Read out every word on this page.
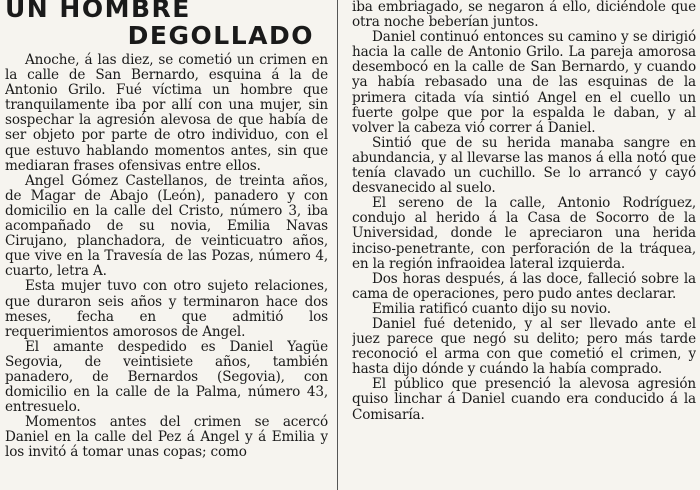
UN HOMBRE
DEGOLLADO

Anoche, á las diez, se cometió un crimen en la calle de San Bernardo, esquina á la de Antonio Grilo. Fué víctima un hombre que tranquilamente iba por allí con una mujer, sin sospechar la agresión alevosa de que había de ser objeto por parte de otro individuo, con el que estuvo hablando momentos antes, sin que mediaran frases ofensivas entre ellos.

Angel Gómez Castellanos, de treinta años, de Magar de Abajo (León), panadero y con domicilio en la calle del Cristo, número 3, iba acompañado de su novia, Emilia Navas Cirujano, planchadora, de veinticuatro años, que vive en la Travesía de las Pozas, número 4, cuarto, letra A.

Esta mujer tuvo con otro sujeto relaciones, que duraron seis años y terminaron hace dos meses, fecha en que admitió los requerimientos amorosos de Angel.

El amante despedido es Daniel Yagüe Segovia, de veintisiete años, también panadero, de Bernardos (Segovia), con domicilio en la calle de la Palma, número 43, entresuelo.

Momentos antes del crimen se acercó Daniel en la calle del Pez á Angel y á Emilia y los invitó á tomar unas copas; como

iba embriagado, se negaron á ello, diciéndole que otra noche beberían juntos.

Daniel continuó entonces su camino y se dirigió hacia la calle de Antonio Grilo. La pareja amorosa desembocó en la calle de San Bernardo, y cuando ya había rebasado una de las esquinas de la primera citada vía sintió Angel en el cuello un fuerte golpe que por la espalda le daban, y al volver la cabeza vió correr á Daniel.

Sintió que de su herida manaba sangre en abundancia, y al llevarse las manos á ella notó que tenía clavado un cuchillo. Se lo arrancó y cayó desvanecido al suelo.

El sereno de la calle, Antonio Rodríguez, condujo al herido á la Casa de Socorro de la Universidad, donde le apreciaron una herida inciso-penetrante, con perforación de la tráquea, en la región infraoidea lateral izquierda.

Dos horas después, á las doce, falleció sobre la cama de operaciones, pero pudo antes declarar.

Emilia ratificó cuanto dijo su novio.

Daniel fué detenido, y al ser llevado ante el juez parece que negó su delito; pero más tarde reconoció el arma con que cometió el crimen, y hasta dijo dónde y cuándo la había comprado.

El público que presenció la alevosa agresión quiso linchar á Daniel cuando era conducido á la Comisaría.
